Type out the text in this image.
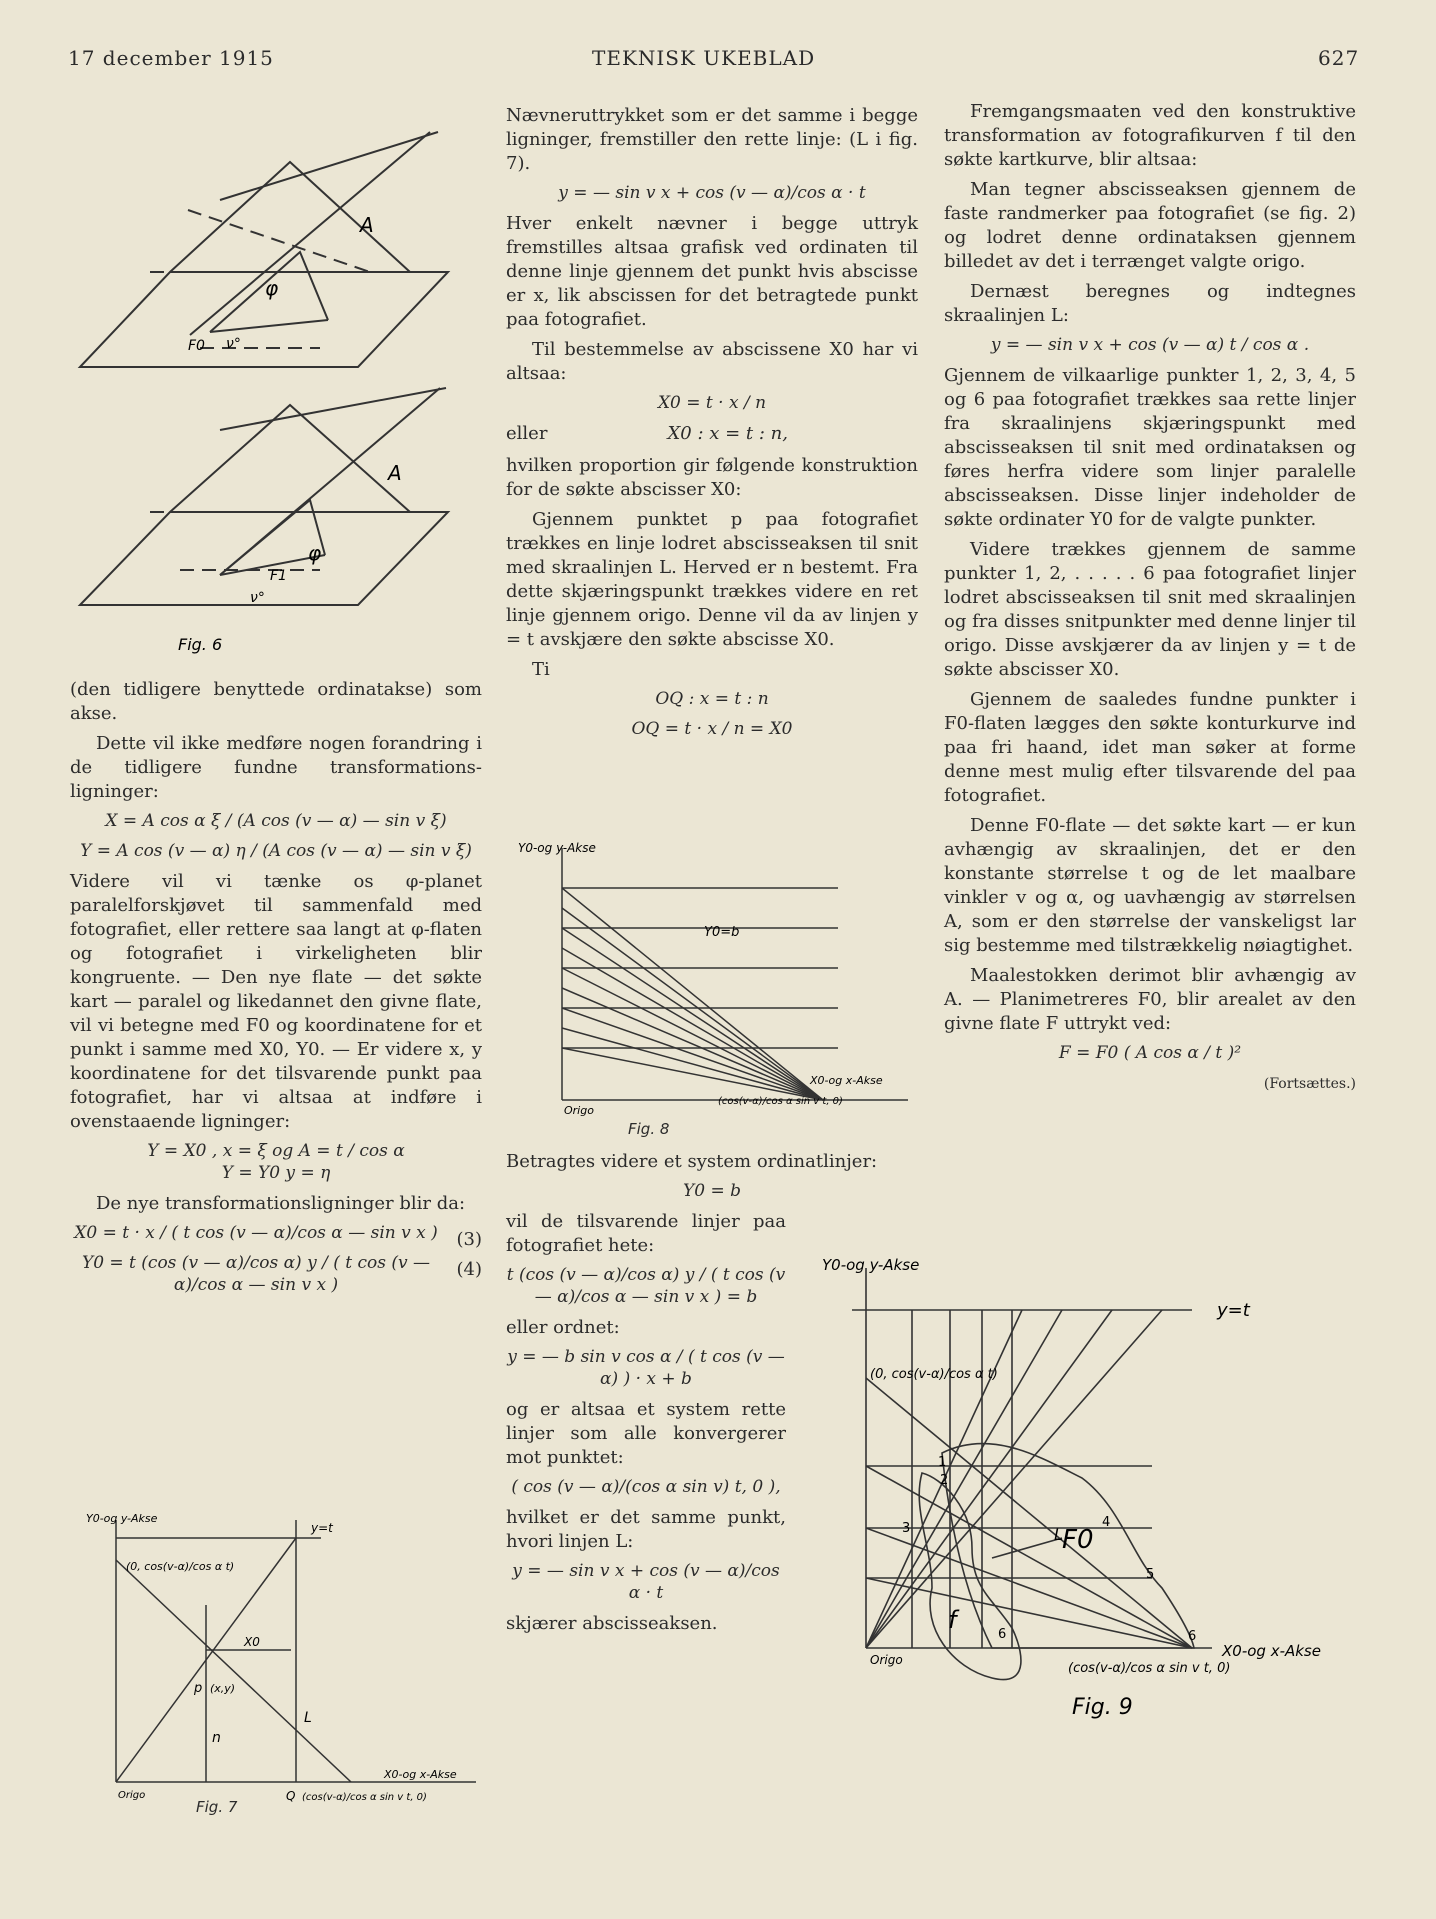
17 december 1915	TEKNISK UKEBLAD	627
A
φ
ν°
F0
A
φ
ν°
F1
Fig. 6

(den tidligere benyttede ordinatakse) som akse.

Dette vil ikke medføre nogen forandring i de tidligere fundne transformations-ligninger:

X = A cos α ξ / (A cos (v — α) — sin v ξ)
Y = A cos (v — α) η / (A cos (v — α) — sin v ξ)

Videre vil vi tænke os φ-planet paralelforskjøvet til sammenfald med fotografiet, eller rettere saa langt at φ-flaten og fotografiet i virkeligheten blir kongruente. — Den nye flate — det søkte kart — paralel og likedannet den givne flate, vil vi betegne med F0 og koordinatene for et punkt i samme med X0, Y0. — Er videre x, y koordinatene for det tilsvarende punkt paa fotografiet, har vi altsaa at indføre i ovenstaaende ligninger:

Y = X0 , x = ξ og A = t / cos α
Y = Y0 y = η

De nye transformationsligninger blir da:

X0 = t · x / ( t cos (v — α)/cos α — sin v x )	(3)
Y0 = t (cos (v — α)/cos α) y / ( t cos (v — α)/cos α — sin v x )
(4)
Y0-og y-Akse
y=t
(0, cos(v-α)/cos α t)
X0
p (x,y)
n
L
X0-og x-Akse
Origo	Q (cos(v-α)/cos α sin v t, 0)
Fig. 7

Nævneruttrykket som er det samme i begge ligninger, fremstiller den rette linje: (L i fig. 7).

y = — sin v x + cos (v — α)/cos α · t

Hver enkelt nævner i begge uttryk fremstilles altsaa grafisk ved ordinaten til denne linje gjennem det punkt hvis abscisse er x, lik abscissen for det betragtede punkt paa fotografiet.

Til bestemmelse av abscissene X0 har vi altsaa:

X0 = t · x / n
eller	X0 : x = t : n,

hvilken proportion gir følgende konstruktion for de søkte abscisser X0:

Gjennem punktet p paa fotografiet trækkes en linje lodret abscisseaksen til snit med skraalinjen L. Herved er n bestemt. Fra dette skjæringspunkt trækkes videre en ret linje gjennem origo. Denne vil da av linjen y = t avskjære den søkte abscisse X0.

Ti

OQ : x = t : n
OQ = t · x / n = X0
Y0-og y-Akse
Y0=b
X0-og x-Akse
Origo
(cos(v-α)/cos α sin v t, 0)
Fig. 8

Betragtes videre et system ordinatlinjer:

Y0 = b

vil de tilsvarende linjer paa fotografiet hete:

t (cos (v — α)/cos α) y / ( t cos (v — α)/cos α — sin v x ) = b

eller ordnet:

y = — b sin v cos α / ( t cos (v — α) ) · x + b

og er altsaa et system rette linjer som alle konvergerer mot punktet:

( cos (v — α)/(cos α sin v) t, 0 ),

hvilket er det samme punkt, hvori linjen L:

y = — sin v x + cos (v — α)/cos α · t

skjærer abscisseaksen.

Fremgangsmaaten ved den konstruktive transformation av fotografikurven f til den søkte kartkurve, blir altsaa:

Man tegner abscisseaksen gjennem de faste randmerker paa fotografiet (se fig. 2) og lodret denne ordinataksen gjennem billedet av det i terrænget valgte origo.

Dernæst beregnes og indtegnes skraalinjen L:

y = — sin v x + cos (v — α) t / cos α .

Gjennem de vilkaarlige punkter 1, 2, 3, 4, 5 og 6 paa fotografiet trækkes saa rette linjer fra skraalinjens skjæringspunkt med abscisseaksen til snit med ordinataksen og føres herfra videre som linjer paralelle abscisseaksen. Disse linjer indeholder de søkte ordinater Y0 for de valgte punkter.

Videre trækkes gjennem de samme punkter 1, 2, . . . . . 6 paa fotografiet linjer lodret abscisseaksen til snit med skraalinjen og fra disses snitpunkter med denne linjer til origo. Disse avskjærer da av linjen y = t de søkte abscisser X0.

Gjennem de saaledes fundne punkter i F0-flaten lægges den søkte konturkurve ind paa fri haand, idet man søker at forme denne mest mulig efter tilsvarende del paa fotografiet.

Denne F0-flate — det søkte kart — er kun avhængig av skraalinjen, det er den konstante størrelse t og de let maalbare vinkler v og α, og uavhængig av størrelsen A, som er den størrelse der vanskeligst lar sig bestemme med tilstrækkelig nøiagtighet.

Maalestokken derimot blir avhængig av A. — Planimetreres F0, blir arealet av den givne flate F uttrykt ved:

F = F0 ( A cos α / t )²
(Fortsættes.)
Y0-og y-Akse
y=t
(0, cos(v-α)/cos α t)
F0
f
L
1
2
3	4
5
6
6
X0-og x-Akse
Origo
(cos(v-α)/cos α sin v t, 0)
Fig. 9
